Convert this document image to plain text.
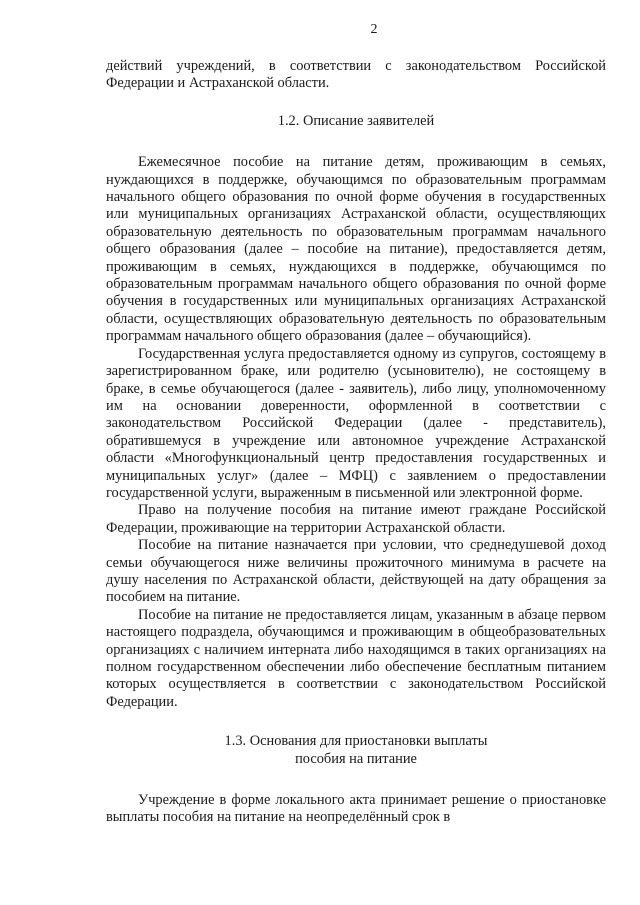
2

действий учреждений, в соответствии с законодательством Российской Федерации и Астраханской области.

1.2. Описание заявителей

Ежемесячное пособие на питание детям, проживающим в семьях, нуждающихся в поддержке, обучающимся по образовательным программам начального общего образования по очной форме обучения в государственных или муниципальных организациях Астраханской области, осуществляющих образовательную деятельность по образовательным программам начального общего образования (далее – пособие на питание), предоставляется детям, проживающим в семьях, нуждающихся в поддержке, обучающимся по образовательным программам начального общего образования по очной форме обучения в государственных или муниципальных организациях Астраханской области, осуществляющих образовательную деятельность по образовательным программам начального общего образования (далее – обучающийся).

Государственная услуга предоставляется одному из супругов, состоящему в зарегистрированном браке, или родителю (усыновителю), не состоящему в браке, в семье обучающегося (далее - заявитель), либо лицу, уполномоченному им на основании доверенности, оформленной в соответствии с законодательством Российской Федерации (далее - представитель), обратившемуся в учреждение или автономное учреждение Астраханской области «Многофункциональный центр предоставления государственных и муниципальных услуг» (далее – МФЦ) с заявлением о предоставлении государственной услуги, выраженным в письменной или электронной форме.

Право на получение пособия на питание имеют граждане Российской Федерации, проживающие на территории Астраханской области.

Пособие на питание назначается при условии, что среднедушевой доход семьи обучающегося ниже величины прожиточного минимума в расчете на душу населения по Астраханской области, действующей на дату обращения за пособием на питание.

Пособие на питание не предоставляется лицам, указанным в абзаце первом настоящего подраздела, обучающимся и проживающим в общеобразовательных организациях с наличием интерната либо находящимся в таких организациях на полном государственном обеспечении либо обеспечение бесплатным питанием которых осуществляется в соответствии с законодательством Российской Федерации.

1.3. Основания для приостановки выплаты
пособия на питание

Учреждение в форме локального акта принимает решение о приостановке выплаты пособия на питание на неопределённый срок в
